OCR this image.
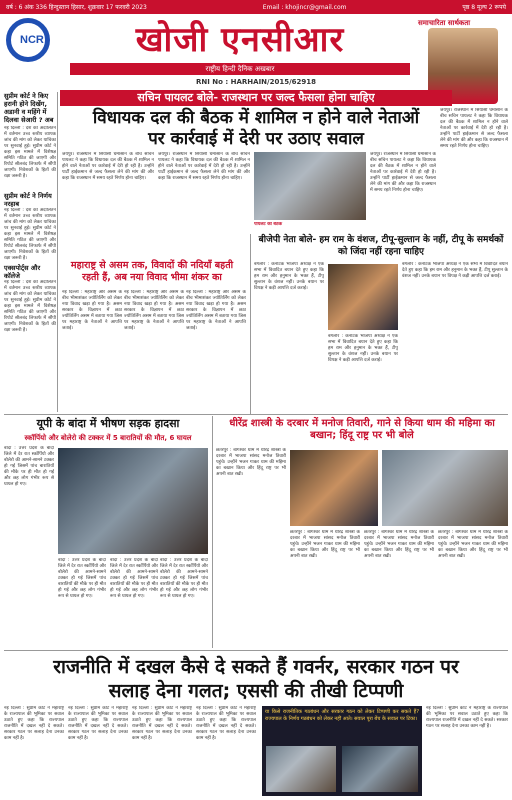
वर्ष : 6 अंक 336 हिन्दुस्तान हिसार, शुक्रवार 17 फरवरी 2023	Email : khojincr@gmail.com	पृष्ठ 8 मूल्य 2 रूपये
NCR	खोजी एनसीआर
राष्ट्रीय हिन्दी दैनिक अखबार
समाचारिता सार्थकता
RNI No : HARHAIN/2015/62918
सचिन पायलट बोले- राजस्थान पर जल्द फैसला होना चाहिए
विधायक दल की बैठक में शामिल न होने वाले नेताओं
पर कार्रवाई में देरी पर उठाए सवाल
सुप्रीम कोर्ट ने किए हरानी होने दिखेंग, अडानी व महिंगे में दिलवा सेआरी ? अब
नई दिल्ली : देश की अदालितन में वर्तमान उच्च स्तरीय व्यापक जांच की मांग को लेकर याचिका पर सुनवाई हुई। सुप्रीम कोर्ट ने कहा इस मामले में विशेषज्ञ समिति गठित की जाएगी और रिपोर्ट सीलबंद लिफाफे में सौंपी जाएगी। निवेशकों के हितों की रक्षा जरूरी है।
सुप्रीम कोर्ट ने निर्णय नरहाब
नई दिल्ली : देश की अदालितन में वर्तमान उच्च स्तरीय व्यापक जांच की मांग को लेकर याचिका पर सुनवाई हुई। सुप्रीम कोर्ट ने कहा इस मामले में विशेषज्ञ समिति गठित की जाएगी और रिपोर्ट सीलबंद लिफाफे में सौंपी जाएगी। निवेशकों के हितों की रक्षा जरूरी है।
एक्सपोर्ट्स और कॉलेजे
नई दिल्ली : देश की अदालितन में वर्तमान उच्च स्तरीय व्यापक जांच की मांग को लेकर याचिका पर सुनवाई हुई। सुप्रीम कोर्ट ने कहा इस मामले में विशेषज्ञ समिति गठित की जाएगी और रिपोर्ट सीलबंद लिफाफे में सौंपी जाएगी। निवेशकों के हितों की रक्षा जरूरी है।
जयपुर। राजस्थान में सियासी घमासान के बीच सचिन पायलट ने कहा कि विधायक दल की बैठक में शामिल न होने वाले नेताओं पर कार्रवाई में देरी हो रही है। उन्होंने पार्टी हाईकमान से जल्द फैसला लेने की मांग की और कहा कि राजस्थान में समय रहते निर्णय होना चाहिए।
जयपुर। राजस्थान में सियासी घमासान के बीच सचिन पायलट ने कहा कि विधायक दल की बैठक में शामिल न होने वाले नेताओं पर कार्रवाई में देरी हो रही है। उन्होंने पार्टी हाईकमान से जल्द फैसला लेने की मांग की और कहा कि राजस्थान में समय रहते निर्णय होना चाहिए।
पायलट की बैठक
जयपुर। राजस्थान में सियासी घमासान के बीच सचिन पायलट ने कहा कि विधायक दल की बैठक में शामिल न होने वाले नेताओं पर कार्रवाई में देरी हो रही है। उन्होंने पार्टी हाईकमान से जल्द फैसला लेने की मांग की और कहा कि राजस्थान में समय रहते निर्णय होना चाहिए।
जयपुर। राजस्थान में सियासी घमासान के बीच सचिन पायलट ने कहा कि विधायक दल की बैठक में शामिल न होने वाले नेताओं पर कार्रवाई में देरी हो रही है। उन्होंने पार्टी हाईकमान से जल्द फैसला लेने की मांग की और कहा कि राजस्थान में समय रहते निर्णय होना चाहिए।
महाराष्ट्र से असम तक, विवादों की नदियाँ बहती रहती हैं, अब नया विवाद भीमा शंकर का
नई दिल्ली : महाराष्ट्र और असम के बीच भीमाशंकर ज्योतिर्लिंग को लेकर नया विवाद खड़ा हो गया है। असम सरकार के विज्ञापन में छठा ज्योतिर्लिंग असम में बताया गया जिस पर महाराष्ट्र के नेताओं ने आपत्ति जताई।
नई दिल्ली : महाराष्ट्र और असम के बीच भीमाशंकर ज्योतिर्लिंग को लेकर नया विवाद खड़ा हो गया है। असम सरकार के विज्ञापन में छठा ज्योतिर्लिंग असम में बताया गया जिस पर महाराष्ट्र के नेताओं ने आपत्ति जताई।
नई दिल्ली : महाराष्ट्र और असम के बीच भीमाशंकर ज्योतिर्लिंग को लेकर नया विवाद खड़ा हो गया है। असम सरकार के विज्ञापन में छठा ज्योतिर्लिंग असम में बताया गया जिस पर महाराष्ट्र के नेताओं ने आपत्ति जताई।
बीजेपी नेता बोले- हम राम के वंशज, टीपू-सुल्तान के नहीं, टीपू के समर्थकों को जिंदा नहीं रहना चाहिए
बंगलौर : कर्नाटक भाजपा अध्यक्ष ने एक सभा में विवादित बयान देते हुए कहा कि हम राम और हनुमान के भक्त हैं, टीपू सुल्तान के वंशज नहीं। उनके बयान पर विपक्ष ने कड़ी आपत्ति दर्ज कराई।
बंगलौर : कर्नाटक भाजपा अध्यक्ष ने एक सभा में विवादित बयान देते हुए कहा कि हम राम और हनुमान के भक्त हैं, टीपू सुल्तान के वंशज नहीं। उनके बयान पर विपक्ष ने कड़ी आपत्ति दर्ज कराई।
बंगलौर : कर्नाटक भाजपा अध्यक्ष ने एक सभा में विवादित बयान देते हुए कहा कि हम राम और हनुमान के भक्त हैं, टीपू सुल्तान के वंशज नहीं। उनके बयान पर विपक्ष ने कड़ी आपत्ति दर्ज कराई।
यूपी के बांदा में भीषण सड़क हादसा
स्कॉर्पियो और बोलेरो की टक्कर में 5 बारातियों की मौत, 6 घायल
बांदा : उत्तर प्रदेश के बांदा जिले में देर रात स्कॉर्पियो और बोलेरो की आमने-सामने टक्कर हो गई जिसमें पांच बारातियों की मौके पर ही मौत हो गई और छह लोग गंभीर रूप से घायल हो गए।
बांदा : उत्तर प्रदेश के बांदा जिले में देर रात स्कॉर्पियो और बोलेरो की आमने-सामने टक्कर हो गई जिसमें पांच बारातियों की मौके पर ही मौत हो गई और छह लोग गंभीर रूप से घायल हो गए।
बांदा : उत्तर प्रदेश के बांदा जिले में देर रात स्कॉर्पियो और बोलेरो की आमने-सामने टक्कर हो गई जिसमें पांच बारातियों की मौके पर ही मौत हो गई और छह लोग गंभीर रूप से घायल हो गए।
बांदा : उत्तर प्रदेश के बांदा जिले में देर रात स्कॉर्पियो और बोलेरो की आमने-सामने टक्कर हो गई जिसमें पांच बारातियों की मौके पर ही मौत हो गई और छह लोग गंभीर रूप से घायल हो गए।
धीरेंद्र शास्त्री के दरबार में मनोज तिवारी, गाने से किया धाम की महिमा का बखान; हिंदू राष्ट्र पर भी बोले
छतरपुर : बागेश्वर धाम में धीरेंद्र शास्त्री के दरबार में भाजपा सांसद मनोज तिवारी पहुंचे। उन्होंने भजन गाकर धाम की महिमा का बखान किया और हिंदू राष्ट्र पर भी अपनी बात रखी।
छतरपुर : बागेश्वर धाम में धीरेंद्र शास्त्री के दरबार में भाजपा सांसद मनोज तिवारी पहुंचे। उन्होंने भजन गाकर धाम की महिमा का बखान किया और हिंदू राष्ट्र पर भी अपनी बात रखी।
छतरपुर : बागेश्वर धाम में धीरेंद्र शास्त्री के दरबार में भाजपा सांसद मनोज तिवारी पहुंचे। उन्होंने भजन गाकर धाम की महिमा का बखान किया और हिंदू राष्ट्र पर भी अपनी बात रखी।
छतरपुर : बागेश्वर धाम में धीरेंद्र शास्त्री के दरबार में भाजपा सांसद मनोज तिवारी पहुंचे। उन्होंने भजन गाकर धाम की महिमा का बखान किया और हिंदू राष्ट्र पर भी अपनी बात रखी।
राजनीति में दखल कैसे दे सकते हैं गवर्नर, सरकार गठन पर
सलाह देना गलत; एससी की तीखी टिप्पणी
नई दिल्ली : सुप्रीम कोर्ट ने महाराष्ट्र के राज्यपाल की भूमिका पर सवाल उठाते हुए कहा कि राज्यपाल राजनीति में दखल नहीं दे सकते। सरकार गठन पर सलाह देना उनका काम नहीं है।
नई दिल्ली : सुप्रीम कोर्ट ने महाराष्ट्र के राज्यपाल की भूमिका पर सवाल उठाते हुए कहा कि राज्यपाल राजनीति में दखल नहीं दे सकते। सरकार गठन पर सलाह देना उनका काम नहीं है।
नई दिल्ली : सुप्रीम कोर्ट ने महाराष्ट्र के राज्यपाल की भूमिका पर सवाल उठाते हुए कहा कि राज्यपाल राजनीति में दखल नहीं दे सकते। सरकार गठन पर सलाह देना उनका काम नहीं है।
नई दिल्ली : सुप्रीम कोर्ट ने महाराष्ट्र के राज्यपाल की भूमिका पर सवाल उठाते हुए कहा कि राज्यपाल राजनीति में दखल नहीं दे सकते। सरकार गठन पर सलाह देना उनका काम नहीं है।
या किसे राजनीतिक गठबंधन और सरकार गठन को लेकर टिप्पणी कर सकते हैं? राज्यपाल के निर्णय गठबंधन को लेकर नहीं आते। सवाल पूरा बेंच के सवाल पर टिका।
नई दिल्ली : सुप्रीम कोर्ट ने महाराष्ट्र के राज्यपाल की भूमिका पर सवाल उठाते हुए कहा कि राज्यपाल राजनीति में दखल नहीं दे सकते। सरकार गठन पर सलाह देना उनका काम नहीं है।
